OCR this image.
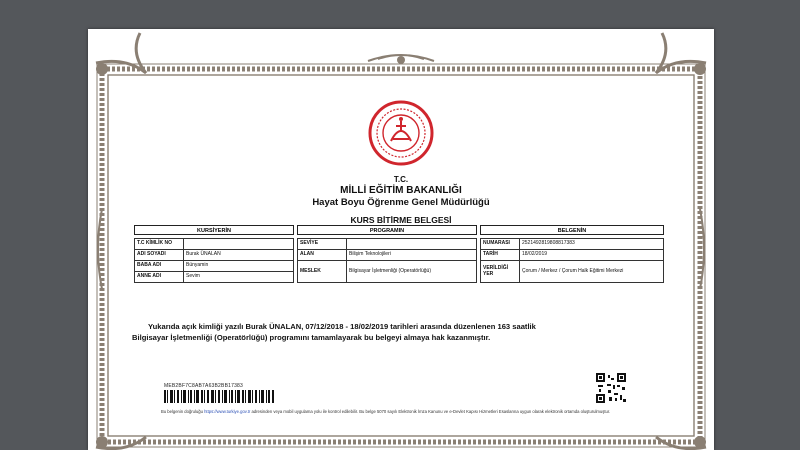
T.C.
MİLLİ EĞİTİM BAKANLIĞI
Hayat Boyu Öğrenme Genel Müdürlüğü
KURS BİTİRME BELGESİ
KURSİYERİN	PROGRAMIN	BELGENİN
T.C KİMLİK NO	
ADI SOYADI	Burak ÜNALAN
BABA ADI	Bünyamin
ANNE ADI	Sevim
SEVİYE	
ALAN	Bilişim Teknolojileri
MESLEK	Bilgisayar İşletmenliği (Operatörlüğü)
NUMARASI	2521492819808817383
TARİH	18/02/2019
VERİLDİĞİ YER	Çorum / Merkez / Çorum Halk Eğitimi Merkezi
Yukarıda açık kimliği yazılı Burak ÜNALAN, 07/12/2018 - 18/02/2019 tarihleri arasında düzenlenen 163 saatlik
Bilgisayar İşletmenliği (Operatörlüğü) programını tamamlayarak bu belgeyi almaya hak kazanmıştır.
MEB2BF7C8AB7A63B2BB17383
Bu belgenin doğruluğu https://www.turkiye.gov.tr adresinden veya mobil uygulama yolu ile kontrol edilebilir. Bu belge 5070 sayılı Elektronik İmza Kanunu ve e-Devlet Kapısı Hizmetleri Esaslarına uygun olarak elektronik ortamda oluşturulmuştur.
